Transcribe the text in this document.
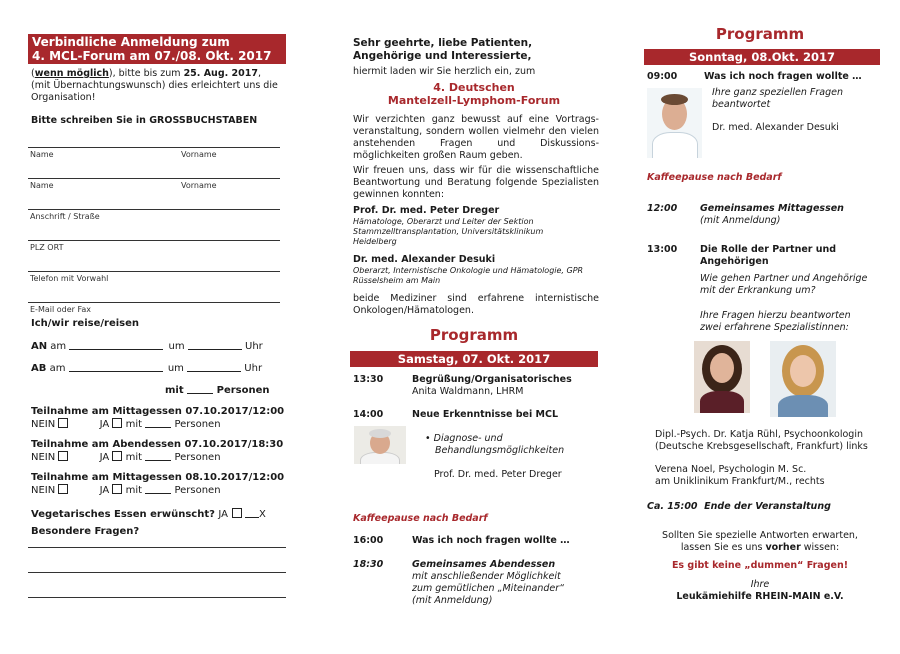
Verbindliche Anmeldung zum
4. MCL-Forum am 07./08. Okt. 2017
(wenn möglich), bitte bis zum 25. Aug. 2017,
(mit Übernachtungswunsch) dies erleichtert uns die
Organisation!
Bitte schreiben Sie in GROSSBUCHSTABEN
Name	Vorname
Name	Vorname
Anschrift / Straße
PLZ ORT
Telefon mit Vorwahl
E-Mail oder Fax
Ich/wir reise/reisen
AN am	um	Uhr
AB am	um	Uhr
mit	Personen
Teilnahme am Mittagessen 07.10.2017/12:00
NEIN	JA mit	Personen
Teilnahme am Abendessen 07.10.2017/18:30
NEIN	JA mit	Personen
Teilnahme am Mittagessen 08.10.2017/12:00
NEIN	JA mit	Personen
Vegetarisches Essen erwünscht? JA	X
Besondere Fragen?
Sehr geehrte, liebe Patienten,
Angehörige und Interessierte,
hiermit laden wir Sie herzlich ein, zum
4. Deutschen
Mantelzell-Lymphom-Forum
Wir verzichten ganz bewusst auf eine Vortrags-veranstaltung, sondern wollen vielmehr den vielen anstehenden Fragen und Diskussions-möglichkeiten großen Raum geben.
Wir freuen uns, dass wir für die wissenschaftliche Beantwortung und Beratung folgende Spezialisten gewinnen konnten:
Prof. Dr. med. Peter Dreger
Hämatologe, Oberarzt und Leiter der Sektion Stammzelltransplantation, Universitätsklinikum Heidelberg
Dr. med. Alexander Desuki
Oberarzt, Internistische Onkologie und Hämatologie, GPR Rüsselsheim am Main
beide Mediziner sind erfahrene internistische Onkologen/Hämatologen.
Programm
Samstag, 07. Okt. 2017
13:30	Begrüßung/Organisatorisches
Anita Waldmann, LHRM
14:00	Neue Erkenntnisse bei MCL
• Diagnose- und
Behandlungsmöglichkeiten
Prof. Dr. med. Peter Dreger
Kaffeepause nach Bedarf
16:00	Was ich noch fragen wollte …
18:30	Gemeinsames Abendessen
mit anschließender Möglichkeit
zum gemütlichen „Miteinander“
(mit Anmeldung)
Programm
Sonntag, 08.Okt. 2017
09:00	Was ich noch fragen wollte …
Ihre ganz speziellen Fragen
beantwortet
Dr. med. Alexander Desuki
Kaffeepause nach Bedarf
12:00 Gemeinsames Mittagessen
(mit Anmeldung)
13:00 Die Rolle der Partner und
Angehörigen
Wie gehen Partner und Angehörige
mit der Erkrankung um?
Ihre Fragen hierzu beantworten
zwei erfahrene Spezialistinnen:
Dipl.-Psych. Dr. Katja Rühl, Psychoonkologin
(Deutsche Krebsgesellschaft, Frankfurt) links
Verena Noel, Psychologin M. Sc.
am Uniklinikum Frankfurt/M., rechts
Ca. 15:00  Ende der Veranstaltung
Sollten Sie spezielle Antworten erwarten,
lassen Sie es uns vorher wissen:
Es gibt keine „dummen“ Fragen!
Ihre
Leukämiehilfe RHEIN-MAIN e.V.
